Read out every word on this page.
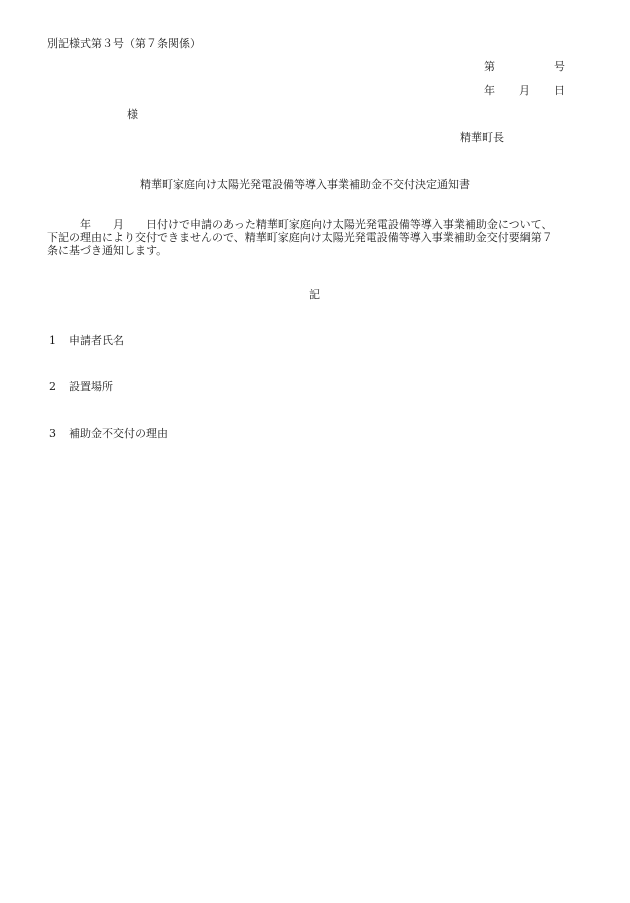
別記様式第３号（第７条関係）
第	号
年 月 日
様
精華町長
精華町家庭向け太陽光発電設備等導入事業補助金不交付決定通知書

　　　年　　月　　日付けで申請のあった精華町家庭向け太陽光発電設備等導入事業補助金について、

下記の理由により交付できませんので、精華町家庭向け太陽光発電設備等導入事業補助金交付要綱第７

条に基づき通知します。

記
1 申請者氏名
2 設置場所
3 補助金不交付の理由
